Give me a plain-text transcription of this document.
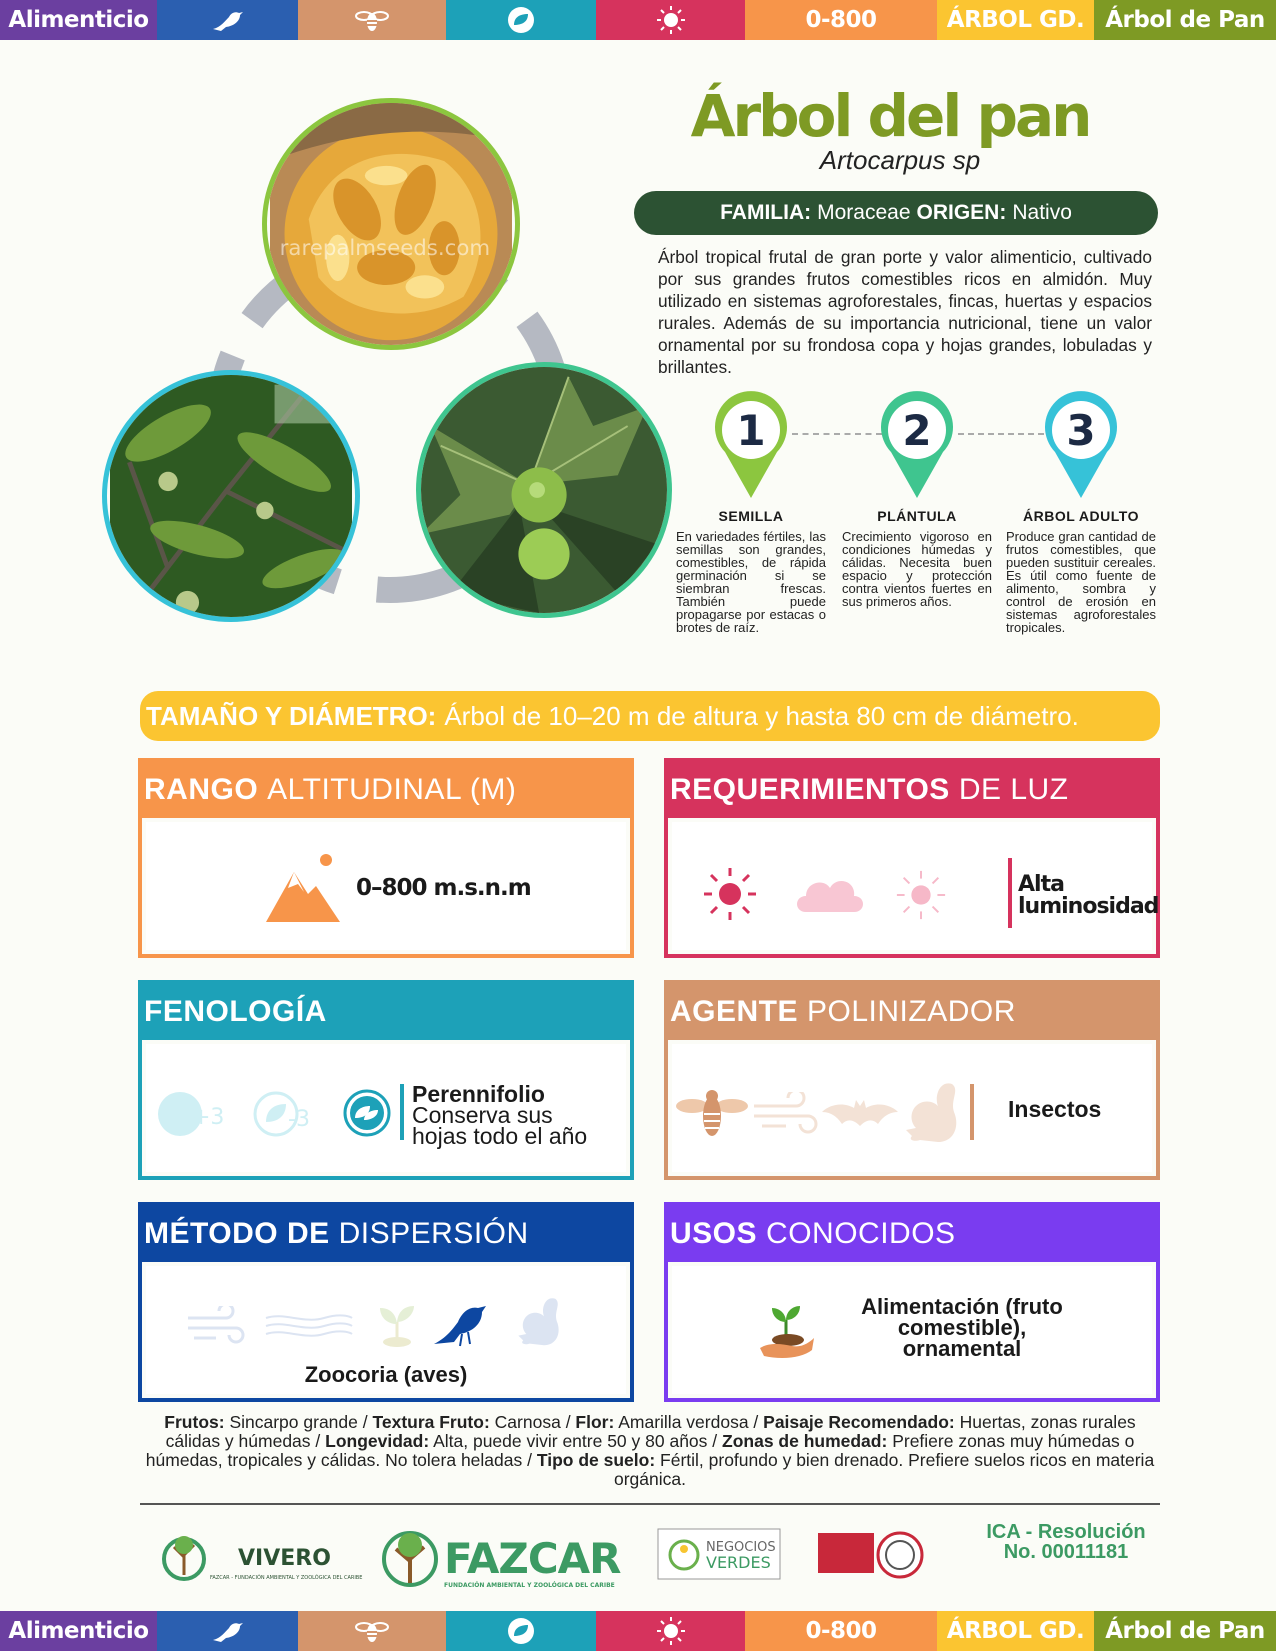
Alimenticio	0-800	ÁRBOL GD. Árbol de Pan
rarepalmseeds.com
Árbol del pan
Artocarpus sp
FAMILIA: Moraceae ORIGEN: Nativo
Árbol tropical frutal de gran porte y valor alimenticio, cultivado por sus grandes frutos comestibles ricos en almidón. Muy utilizado en sistemas agroforestales, fincas, huertas y espacios rurales. Además de su importancia nutricional, tiene un valor ornamental por su frondosa copa y hojas grandes, lobuladas y brillantes.
1
SEMILLA
En variedades fértiles, las semillas son grandes, comestibles, de rápida germinación si se siembran frescas. También puede propagarse por estacas o brotes de raíz.
2
PLÁNTULA
Crecimiento vigoroso en condiciones húmedas y cálidas. Necesita buen espacio y protección contra vientos fuertes en sus primeros años.
3
ÁRBOL ADULTO
Produce gran cantidad de frutos comestibles, que pueden sustituir cereales. Es útil como fuente de alimento, sombra y control de erosión en sistemas agroforestales tropicales.
TAMAÑO Y DIÁMETRO: Árbol de 10–20 m de altura y hasta 80 cm de diámetro.
RANGO ALTITUDINAL (M)
0–800 m.s.n.m
REQUERIMIENTOS DE LUZ
Alta
luminosidad
FENOLOGÍA
+3	-3
Perennifolio
Conserva sus
hojas todo el año
AGENTE POLINIZADOR
Insectos
MÉTODO DE DISPERSIÓN
Zoocoria (aves)
USOS CONOCIDOS
Alimentación (fruto
comestible),
ornamental
Frutos: Sincarpo grande / Textura Fruto: Carnosa / Flor: Amarilla verdosa / Paisaje Recomendado: Huertas, zonas rurales cálidas y húmedas / Longevidad: Alta, puede vivir entre 50 y 80 años / Zonas de humedad: Prefiere zonas muy húmedas o húmedas, tropicales y cálidas. No tolera heladas / Tipo de suelo: Fértil, profundo y bien drenado. Prefiere suelos ricos en materia orgánica.
VIVERO
FAZCAR - FUNDACIÓN AMBIENTAL Y ZOOLÓGICA DEL CARIBE FAZCAR
FUNDACIÓN AMBIENTAL Y ZOOLÓGICA DEL CARIBE
NEGOCIOS
VERDES
ICA - Resolución
No. 00011181
Alimenticio	0-800	ÁRBOL GD. Árbol de Pan
